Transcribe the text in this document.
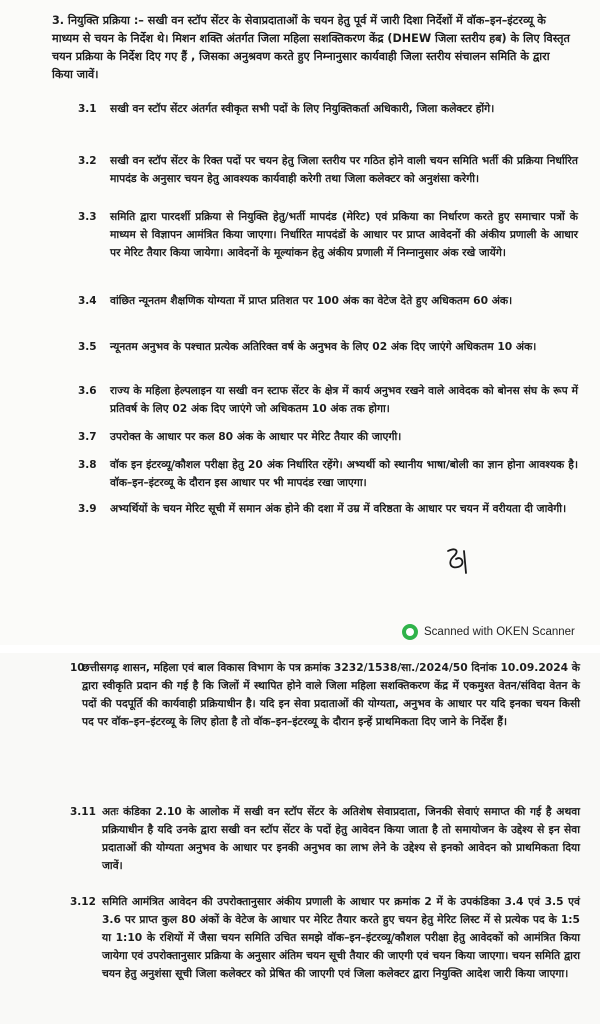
3. नियुक्ति प्रक्रिया :– सखी वन स्टॉप सेंटर के सेवाप्रदाताओं के चयन हेतु पूर्व में जारी दिशा निर्देशों में वॉक–इन–इंटरव्यू के माध्यम से चयन के निर्देश थे। मिशन शक्ति अंतर्गत जिला महिला सशक्तिकरण केंद्र (DHEW जिला स्तरीय हब) के लिए विस्तृत चयन प्रक्रिया के निर्देश दिए गए हैं , जिसका अनुश्रवण करते हुए निम्नानुसार कार्यवाही जिला स्तरीय संचालन समिति के द्वारा किया जावें।
3.1	सखी वन स्टॉप सेंटर अंतर्गत स्वीकृत सभी पदों के लिए नियुक्तिकर्ता अधिकारी, जिला कलेक्टर होंगे।
3.2	सखी वन स्टॉप सेंटर के रिक्त पदों पर चयन हेतु जिला स्तरीय पर गठित होने वाली चयन समिति भर्ती की प्रक्रिया निर्धारित मापदंड के अनुसार चयन हेतु आवश्यक कार्यवाही करेगी तथा जिला कलेक्टर को अनुशंसा करेगी।
3.3	समिति द्वारा पारदर्शी प्रक्रिया से नियुक्ति हेतु/भर्ती मापदंड (मेरिट) एवं प्रकिया का निर्धारण करते हुए समाचार पत्रों के माध्यम से विज्ञापन आमंत्रित किया जाएगा। निर्धारित मापदंडों के आधार पर प्राप्त आवेदनों की अंकीय प्रणाली के आधार पर मेरिट तैयार किया जायेगा। आवेदनों के मूल्यांकन हेतु अंकीय प्रणाली में निम्नानुसार अंक रखे जायेंगे।
3.4	वांछित न्यूनतम शैक्षणिक योग्यता में प्राप्त प्रतिशत पर 100 अंक का वेटेज देते हुए अधिकतम 60 अंक।
3.5	न्यूनतम अनुभव के पश्चात प्रत्येक अतिरिक्त वर्ष के अनुभव के लिए 02 अंक दिए जाएंगे अधिकतम 10 अंक।
3.6	राज्य के महिला हेल्पलाइन या सखी वन स्टाफ सेंटर के क्षेत्र में कार्य अनुभव रखने वाले आवेदक को बोनस संघ के रूप में प्रतिवर्ष के लिए 02 अंक दिए जाएंगे जो अधिकतम 10 अंक तक होगा।
3.7	उपरोक्त के आधार पर कल 80 अंक के आधार पर मेरिट तैयार की जाएगी।
3.8	वॉक इन इंटरव्यू/कौशल परीक्षा हेतु 20 अंक निर्धारित रहेंगे। अभ्यर्थी को स्थानीय भाषा/बोली का ज्ञान होना आवश्यक है। वॉक–इन–इंटरव्यू के दौरान इस आधार पर भी मापदंड रखा जाएगा।
3.9	अभ्यर्थियों के चयन मेरिट सूची में समान अंक होने की दशा में उम्र में वरिष्ठता के आधार पर चयन में वरीयता दी जावेगी।
Scanned with OKEN Scanner
10
छत्तीसगढ़ शासन, महिला एवं बाल विकास विभाग के पत्र क्रमांक 3232/1538/सा./2024/50 दिनांक 10.09.2024 के द्वारा स्वीकृति प्रदान की गई है कि जिलों में स्थापित होने वाले जिला महिला सशक्तिकरण केंद्र में एकमुश्त वेतन/संविदा वेतन के पदों की पदपूर्ति की कार्यवाही प्रक्रियाधीन है। यदि इन सेवा प्रदाताओं की योग्यता, अनुभव के आधार पर यदि इनका चयन किसी पद पर वॉक–इन–इंटरव्यू के लिए होता है तो वॉक–इन–इंटरव्यू के दौरान इन्हें प्राथमिकता दिए जाने के निर्देश हैं।
3.11 अतः कंडिका 2.10 के आलोक में सखी वन स्टॉप सेंटर के अतिशेष सेवाप्रदाता, जिनकी सेवाएं समाप्त की गई है अथवा प्रक्रियाधीन है यदि उनके द्वारा सखी वन स्टॉप सेंटर के पदों हेतु आवेदन किया जाता है तो समायोजन के उद्देश्य से इन सेवा प्रदाताओं की योग्यता अनुभव के आधार पर इनकी अनुभव का लाभ लेने के उद्देश्य से इनको आवेदन को प्राथमिकता दिया जावें।
3.12 समिति आमंत्रित आवेदन की उपरोक्तानुसार अंकीय प्रणाली के आधार पर क्रमांक 2 में के उपकंडिका 3.4 एवं 3.5 एवं 3.6 पर प्राप्त कुल 80 अंकों के वेटेज के आधार पर मेरिट तैयार करते हुए चयन हेतु मेरिट लिस्ट में से प्रत्येक पद के 1:5 या 1:10 के रशियों में जैसा चयन समिति उचित समझे वॉक–इन–इंटरव्यू/कौशल परीक्षा हेतु आवेदकों को आमंत्रित किया जायेगा एवं उपरोक्तानुसार प्रक्रिया के अनुसार अंतिम चयन सूची तैयार की जाएगी एवं चयन किया जाएगा। चयन समिति द्वारा चयन हेतु अनुशंसा सूची जिला कलेक्टर को प्रेषित की जाएगी एवं जिला कलेक्टर द्वारा नियुक्ति आदेश जारी किया जाएगा।
